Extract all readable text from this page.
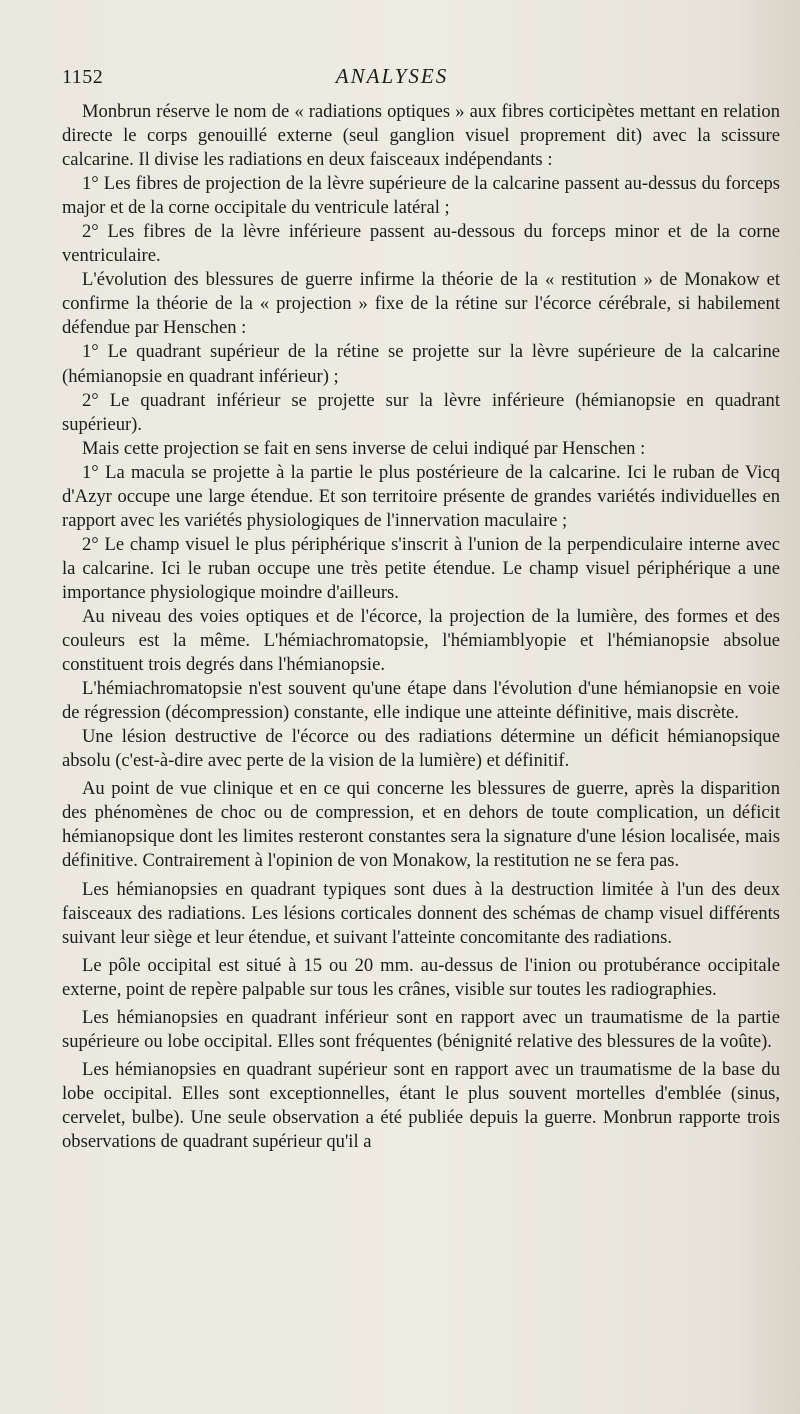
1152	ANALYSES

Monbrun réserve le nom de « radiations optiques » aux fibres corticipètes mettant en relation directe le corps genouillé externe (seul ganglion visuel proprement dit) avec la scissure calcarine. Il divise les radiations en deux faisceaux indépendants :

1° Les fibres de projection de la lèvre supérieure de la calcarine passent au-dessus du forceps major et de la corne occipitale du ventricule latéral ;

2° Les fibres de la lèvre inférieure passent au-dessous du forceps minor et de la corne ventriculaire.

L'évolution des blessures de guerre infirme la théorie de la « restitution » de Monakow et confirme la théorie de la « projection » fixe de la rétine sur l'écorce cérébrale, si habilement défendue par Henschen :

1° Le quadrant supérieur de la rétine se projette sur la lèvre supérieure de la calcarine (hémianopsie en quadrant inférieur) ;

2° Le quadrant inférieur se projette sur la lèvre inférieure (hémianopsie en quadrant supérieur).

Mais cette projection se fait en sens inverse de celui indiqué par Henschen :

1° La macula se projette à la partie le plus postérieure de la calcarine. Ici le ruban de Vicq d'Azyr occupe une large étendue. Et son territoire présente de grandes variétés individuelles en rapport avec les variétés physiologiques de l'innervation maculaire ;

2° Le champ visuel le plus périphérique s'inscrit à l'union de la perpendiculaire interne avec la calcarine. Ici le ruban occupe une très petite étendue. Le champ visuel périphérique a une importance physiologique moindre d'ailleurs.

Au niveau des voies optiques et de l'écorce, la projection de la lumière, des formes et des couleurs est la même. L'hémiachromatopsie, l'hémiamblyopie et l'hémianopsie absolue constituent trois degrés dans l'hémianopsie.

L'hémiachromatopsie n'est souvent qu'une étape dans l'évolution d'une hémianopsie en voie de régression (décompression) constante, elle indique une atteinte définitive, mais discrète.

Une lésion destructive de l'écorce ou des radiations détermine un déficit hémianopsique absolu (c'est-à-dire avec perte de la vision de la lumière) et définitif.

Au point de vue clinique et en ce qui concerne les blessures de guerre, après la disparition des phénomènes de choc ou de compression, et en dehors de toute complication, un déficit hémianopsique dont les limites resteront constantes sera la signature d'une lésion localisée, mais définitive. Contrairement à l'opinion de von Monakow, la restitution ne se fera pas.

Les hémianopsies en quadrant typiques sont dues à la destruction limitée à l'un des deux faisceaux des radiations. Les lésions corticales donnent des schémas de champ visuel différents suivant leur siège et leur étendue, et suivant l'atteinte concomitante des radiations.

Le pôle occipital est situé à 15 ou 20 mm. au-dessus de l'inion ou protubérance occipitale externe, point de repère palpable sur tous les crânes, visible sur toutes les radiographies.

Les hémianopsies en quadrant inférieur sont en rapport avec un traumatisme de la partie supérieure ou lobe occipital. Elles sont fréquentes (bénignité relative des blessures de la voûte).

Les hémianopsies en quadrant supérieur sont en rapport avec un traumatisme de la base du lobe occipital. Elles sont exceptionnelles, étant le plus souvent mortelles d'emblée (sinus, cervelet, bulbe). Une seule observation a été publiée depuis la guerre. Monbrun rapporte trois observations de quadrant supérieur qu'il a
